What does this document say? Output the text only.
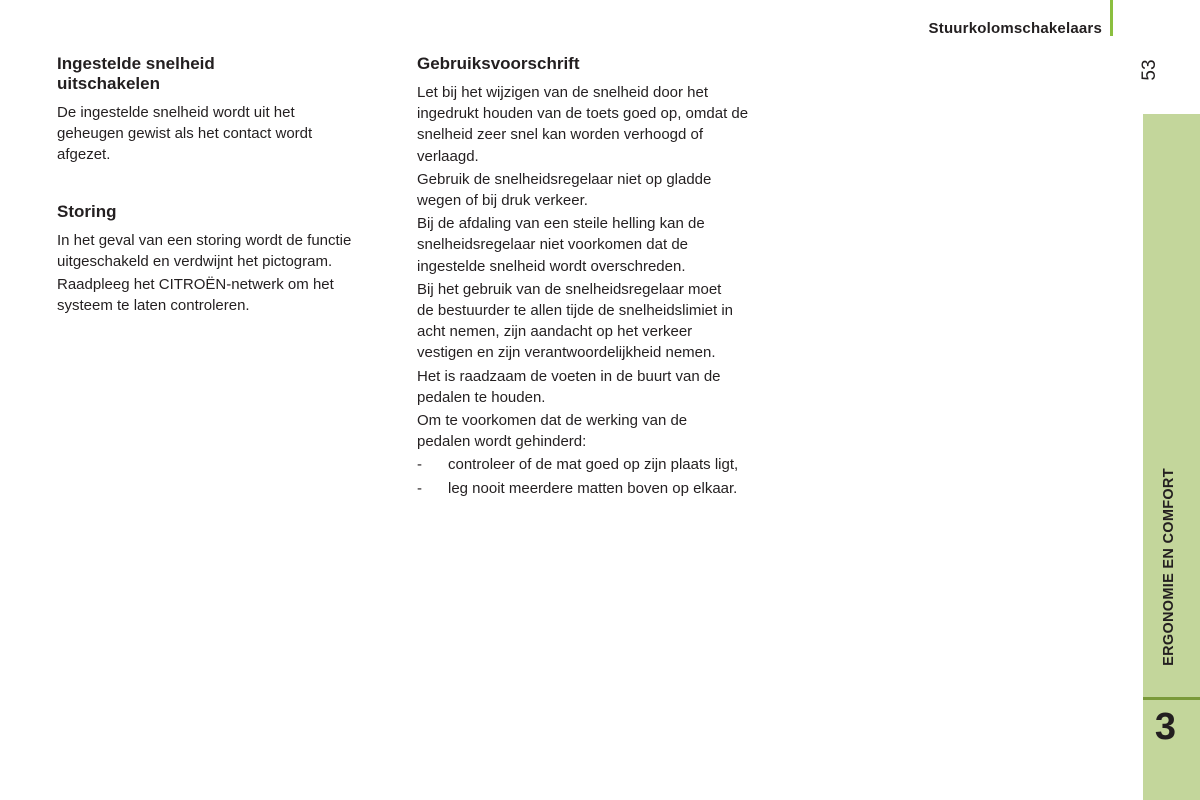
Stuurkolomschakelaars
53
ERGONOMIE EN COMFORT
3
Ingestelde snelheid uitschakelen

De ingestelde snelheid wordt uit het geheugen gewist als het contact wordt afgezet.

Storing

In het geval van een storing wordt de functie uitgeschakeld en verdwijnt het pictogram.

Raadpleeg het CITROËN-netwerk om het systeem te laten controleren.

Gebruiksvoorschrift

Let bij het wijzigen van de snelheid door het ingedrukt houden van de toets goed op, omdat de snelheid zeer snel kan worden verhoogd of verlaagd.

Gebruik de snelheidsregelaar niet op gladde wegen of bij druk verkeer.

Bij de afdaling van een steile helling kan de snelheidsregelaar niet voorkomen dat de ingestelde snelheid wordt overschreden.

Bij het gebruik van de snelheidsregelaar moet de bestuurder te allen tijde de snelheidslimiet in acht nemen, zijn aandacht op het verkeer vestigen en zijn verantwoordelijkheid nemen.

Het is raadzaam de voeten in de buurt van de pedalen te houden.

Om te voorkomen dat de werking van de pedalen wordt gehinderd:

-	controleer of de mat goed op zijn plaats ligt,
-	leg nooit meerdere matten boven op elkaar.
